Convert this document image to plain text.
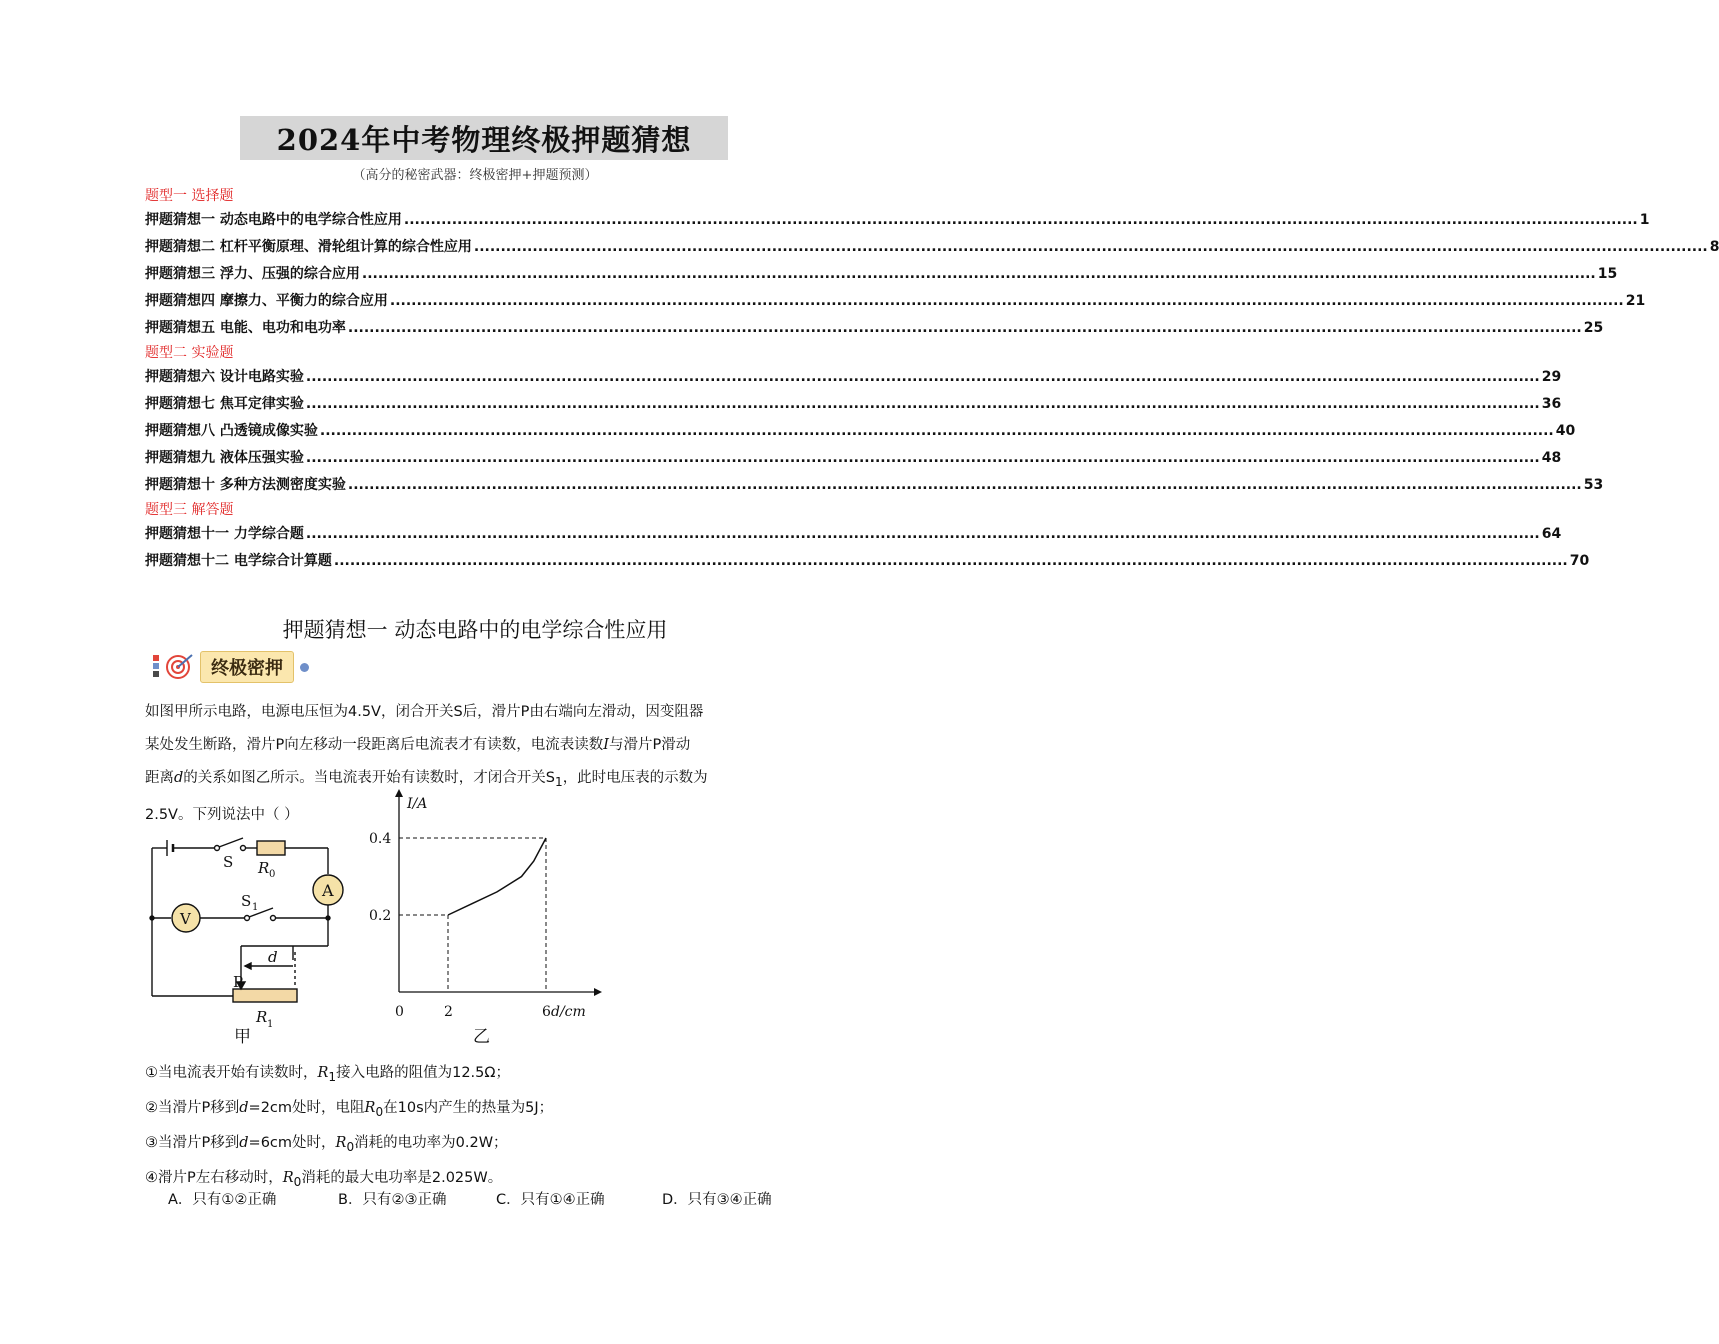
2024年中考物理终极押题猜想
（高分的秘密武器：终极密押+押题预测）
题型一 选择题
押题猜想一 动态电路中的电学综合性应用 .....	1
押题猜想二 杠杆平衡原理、滑轮组计算的综合性应用 .....	8
押题猜想三 浮力、压强的综合应用 .....	15
押题猜想四 摩擦力、平衡力的综合应用 .....	21
押题猜想五 电能、电功和电功率 .....	25
题型二 实验题
押题猜想六 设计电路实验 .....	29
押题猜想七 焦耳定律实验 .....	36
押题猜想八 凸透镜成像实验 .....	40
押题猜想九 液体压强实验 .....	48
押题猜想十 多种方法测密度实验 .....	53
题型三 解答题
押题猜想十一 力学综合题 .....	64
押题猜想十二 电学综合计算题 .....	70
押题猜想一 动态电路中的电学综合性应用
终极密押
如图甲所示电路，电源电压恒为4.5V，闭合开关S后，滑片P由右端向左滑动，因变阻器
某处发生断路，滑片P向左移动一段距离后电流表才有读数，电流表读数I与滑片P滑动
距离d的关系如图乙所示。当电流表开始有读数时，才闭合开关$S_1$，此时电压表的示数为
2.5V。下列说法中（ ）
S R 0
A
V
S 1
d
P
R 1
甲
0	2	6
0.2
0.4
I/A
d/cm
乙
①当电流表开始有读数时，$R_1$接入电路的阻值为12.5Ω；
②当滑片P移到d=2cm处时，电阻$R_0$在10s内产生的热量为5J；
③当滑片P移到d=6cm处时，$R_0$消耗的电功率为0.2W；
④滑片P左右移动时，$R_0$消耗的最大电功率是2.025W。
A．只有①②正确	B．只有②③正确	C．只有①④正确	D．只有③④正确
